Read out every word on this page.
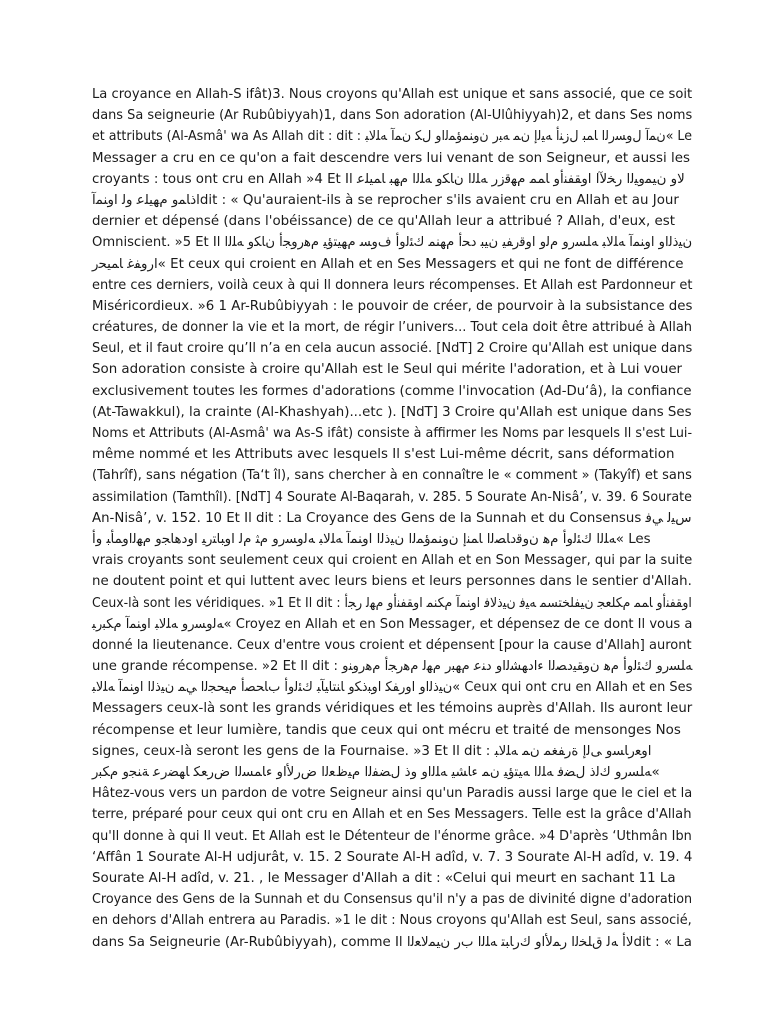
La croyance en Allah-S ifât)3. Nous croyons qu'Allah est unique et sans associé, que ce soit
dans Sa seigneurie (Ar Rubûbiyyah)1, dans Son adoration (Al-Ulûhiyyah)2, et dans Ses noms
et attributs (Al-Asmâ' wa As Allah dit : dit : ‎ﻥﻤﺁ ﻝﻭﺴﺭﻟﺍ ﺎﻤﺒ ﻝﺯﻨﺃ ﻪﻴﻟﺇ ﻥﻤ ﻪﺒﺭ ﻥﻭﻨﻤﺅﻤﻟﺍﻭ ﻝﻜ ﻥﻤﺁ ﻪﻠﻟﺎﺒ‎« Le
Messager a cru en ce qu'on a fait descendre vers lui venant de son Seigneur, et aussi les
croyants : tous ont cru en Allah »4 Et Il ‎ﻻﻭ ﻥﻴﻤﻭﻴﻟﺍ ﺭﺨﻵﺍ ﺍﻭﻘﻔﻨﺃﻭ ﺎﻤﻤ ﻡﻬﻗﺯﺭ ﻪﻠﻟﺍ ﻥﺎﻜﻭ ﻪﻠﻟﺍ ﻡﻬﺒ ﺎﻤﻴﻠﻋ
‎ﺍﺫﺎﻤﻭ ﻡﻬﻴﻠﻋ ﻭﻟ ﺍﻭﻨﻤﺁ‎dit : « Qu'auraient-ils à se reprocher s'ils avaient cru en Allah et au Jour
dernier et dépensé (dans l'obéissance) de ce qu'Allah leur a attribué ? Allah, d'eux, est
Omniscient. »5 Et Il ‎ﻥﻴﺫﻟﺍﻭ ﺍﻭﻨﻤﺁ ﻪﻠﻟﺎﺒ ﻪﻠﺴﺭﻭ ﻡﻟﻭ ﺍﻭﻗﺭﻔﻴ ﻥﻴﺒ ﺩﺤﺃ ﻡﻬﻨﻤ ﻙﺌﻟﻭﺃ ﻑﻭﺴ ﻡﻬﻴﺘﺅﻴ ﻡﻫﺭﻭﺠﺃ ﻥﺎﻜﻭ ﻪﻠﻟﺍ
‎ﺍﺭﻭﻔﻏ ﺎﻤﻴﺤﺭ‎« Et ceux qui croient en Allah et en Ses Messagers et qui ne font de différence
entre ces derniers, voilà ceux à qui Il donnera leurs récompenses. Et Allah est Pardonneur et
Miséricordieux. »6 1 Ar-Rubûbiyyah : le pouvoir de créer, de pourvoir à la subsistance des
créatures, de donner la vie et la mort, de régir l’univers... Tout cela doit être attribué à Allah
Seul, et il faut croire qu’Il n’a en cela aucun associé. [NdT] 2 Croire qu'Allah est unique dans
Son adoration consiste à croire qu'Allah est le Seul qui mérite l'adoration, et à Lui vouer
exclusivement toutes les formes d'adorations (comme l'invocation (Ad-Du‘â), la confiance
(At-Tawakkul), la crainte (Al-Khashyah)...etc ). [NdT] 3 Croire qu'Allah est unique dans Ses
Noms et Attributs (Al-Asmâ' wa As-S ifât) consiste à affirmer les Noms par lesquels Il s'est Lui-
même nommé et les Attributs avec lesquels Il s'est Lui-même décrit, sans déformation
(Tahrîf), sans négation (Ta‘t îl), sans chercher à en connaître le « comment » (Takyîf) et sans
assimilation (Tamthîl). [NdT] 4 Sourate Al-Baqarah, v. 285. 5 Sourate An-Nisâ’, v. 39. 6 Sourate
An-Nisâ’, v. 152. 10 Et Il dit : La Croyance des Gens de la Sunnah et du Consensus ‎ﺱﻴﻟ ﻲﻓ
‎ﻪﻠﻟﺍ ﻙﺌﻟﻭﺃ ﻡﻫ ﻥﻭﻗﺩﺎﺼﻟﺍ ﺎﻤﻨﺇ ﻥﻭﻨﻤﺅﻤﻟﺍ ﻥﻴﺫﻟﺍ ﺍﻭﻨﻤﺁ ﻪﻠﻟﺎﺒ ﻪﻟﻭﺴﺭﻭ ﻡﺜ ﻡﻟ ﺍﻭﺒﺎﺘﺭﻴ ﺍﻭﺩﻫﺎﺠﻭ ﻡﻬﻟﺍﻭﻤﺄﺒ ﻭﺃ‎« Les
vrais croyants sont seulement ceux qui croient en Allah et en Son Messager, qui par la suite
ne doutent point et qui luttent avec leurs biens et leurs personnes dans le sentier d'Allah.
Ceux-là sont les véridiques. »1 Et Il dit : ‎ﺍﻭﻘﻔﻨﺃﻭ ﺎﻤﻤ ﻡﻜﻠﻌﺠ ﻥﻴﻔﻠﺨﺘﺴﻤ ﻪﻴﻓ ﻥﻴﺫﻟﺎﻓ ﺍﻭﻨﻤﺁ ﻡﻜﻨﻤ ﺍﻭﻘﻔﻨﺃﻭ ﻡﻬﻟ ﺭﺠﺃ
‎ﻪﻟﻭﺴﺭﻭ ﻪﻠﻟﺎﺒ ﺍﻭﻨﻤﺁ ﻡﻜﺒﺭﺒ‎« Croyez en Allah et en Son Messager, et dépensez de ce dont Il vous a
donné la lieutenance. Ceux d'entre vous croient et dépensent [pour la cause d'Allah] auront
une grande récompense. »2 Et Il dit : ‎ﻪﻠﺴﺭﻭ ﻙﺌﻟﻭﺃ ﻡﻫ ﻥﻭﻘﻴﺩﺼﻟﺍ ﺀﺍﺩﻬﺸﻟﺍﻭ ﺩﻨﻋ ﻡﻬﺒﺭ ﻡﻬﻟ ﻡﻫﺭﺠﺃ ﻡﻫﺭﻭﻨﻭ
‎ﻥﻴﺫﻟﺍﻭ ﺍﻭﺭﻔﻜ ﺍﻭﺒﺫﻜﻭ ﺎﻨﺘﺎﻴﺂﺒ ﻙﺌﻟﻭﺃ ﺏﺎﺤﺼﺃ ﻡﻴﺤﺠﻟﺍ ﻲﻤ ﻥﻴﺫﻟﺍ ﺍﻭﻨﻤﺁ ﻪﻠﻟﺎﺒ‎« Ceux qui ont cru en Allah et en Ses
Messagers ceux-là sont les grands véridiques et les témoins auprès d'Allah. Ils auront leur
récompense et leur lumière, tandis que ceux qui ont mécru et traité de mensonges Nos
signes, ceux-là seront les gens de la Fournaise. »3 Et Il dit : ‎ﺍﻭﻌﺭﺎﺴﻭ ﻰﻟﺇ ﺓﺭﻔﻐﻤ ﻥﻤ ﻪﻠﻟﺎﺒ
‎ﻪﻠﺴﺭﻭ ﻙﻟﺫ ﻝﻀﻓ ﻪﻠﻟﺍ ﻪﻴﺘﺅﻴ ﻥﻤ ﺀﺎﺸﻴ ﻪﻠﻟﺍﻭ ﻭﺫ ﻝﻀﻔﻟﺍ ﻡﻴﻅﻌﻟﺍ ﺽﺭﻷﺍﻭ ﺀﺎﻤﺴﻟﺍ ﺽﺭﻌﻜ ﺎﻬﻀﺭﻋ ﺔﻨﺠﻭ ﻡﻜﺒﺭ‎«
Hâtez-vous vers un pardon de votre Seigneur ainsi qu'un Paradis aussi large que le ciel et la
terre, préparé pour ceux qui ont cru en Allah et en Ses Messagers. Telle est la grâce d'Allah
qu'Il donne à qui Il veut. Et Allah est le Détenteur de l'énorme grâce. »4 D'après ‘Uthmân Ibn
‘Affân 1 Sourate Al-H udjurât, v. 15. 2 Sourate Al-H adîd, v. 7. 3 Sourate Al-H adîd, v. 19. 4
Sourate Al-H adîd, v. 21. , le Messager d'Allah a dit : «Celui qui meurt en sachant 11 La
Croyance des Gens de la Sunnah et du Consensus qu'il n'y a pas de divinité digne d'adoration
en dehors d'Allah entrera au Paradis. »1 le dit : Nous croyons qu'Allah est Seul, sans associé,
dans Sa Seigneurie (Ar-Rubûbiyyah), comme Il ‎ﻻﺃ ﻪﻟ ﻕﻠﺨﻟﺍ ﺭﻤﻷﺍﻭ ﻙﺭﺎﺒﺘ ﻪﻠﻟﺍ ﺏﺭ ﻥﻴﻤﻟﺎﻌﻟﺍ‎dit : « La
